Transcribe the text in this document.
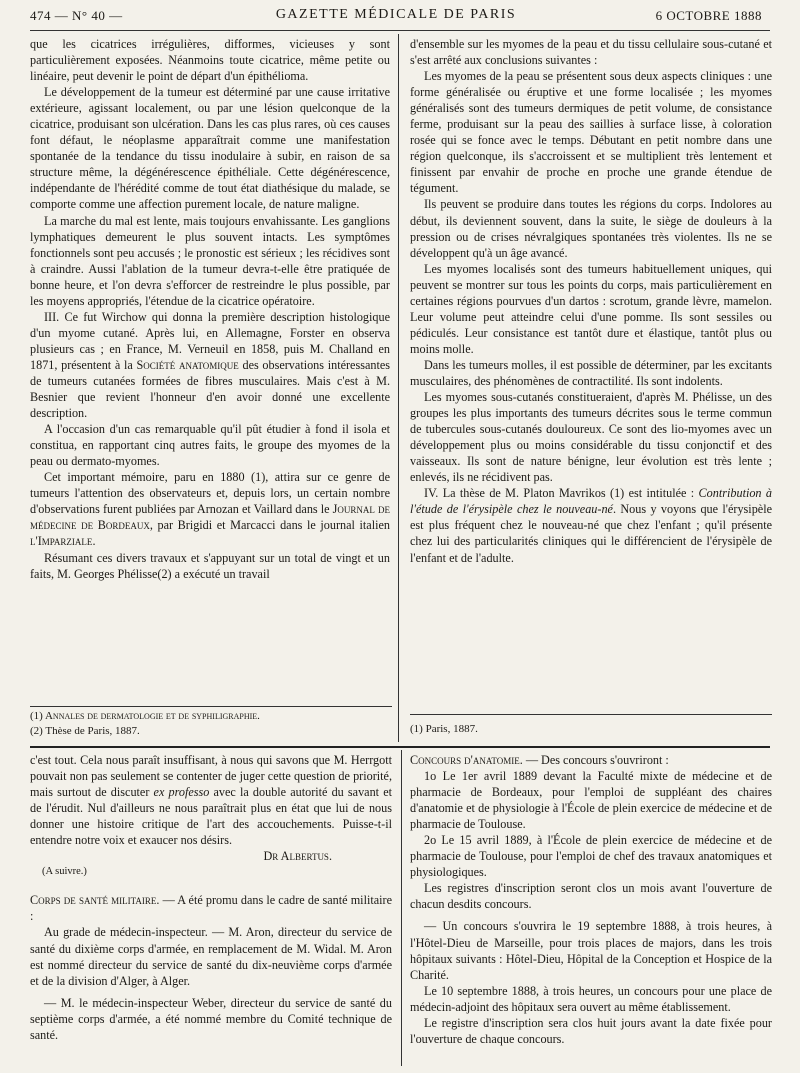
474 — N° 40 —	GAZETTE MÉDICALE DE PARIS	6 OCTOBRE 1888

que les cicatrices irrégulières, difformes, vicieuses y sont particulièrement exposées. Néanmoins toute cicatrice, même petite ou linéaire, peut devenir le point de départ d'un épithélioma.

Le développement de la tumeur est déterminé par une cause irritative extérieure, agissant localement, ou par une lésion quelconque de la cicatrice, produisant son ulcération. Dans les cas plus rares, où ces causes font défaut, le néoplasme apparaîtrait comme une manifestation spontanée de la tendance du tissu inodulaire à subir, en raison de sa structure même, la dégénérescence épithéliale. Cette dégénérescence, indépendante de l'hérédité comme de tout état diathésique du malade, se comporte comme une affection purement locale, de nature maligne.

La marche du mal est lente, mais toujours envahissante. Les ganglions lymphatiques demeurent le plus souvent intacts. Les symptômes fonctionnels sont peu accusés ; le pronostic est sérieux ; les récidives sont à craindre. Aussi l'ablation de la tumeur devra-t-elle être pratiquée de bonne heure, et l'on devra s'efforcer de restreindre le plus possible, par les moyens appropriés, l'étendue de la cicatrice opératoire.

III. Ce fut Wirchow qui donna la première description histologique d'un myome cutané. Après lui, en Allemagne, Forster en observa plusieurs cas ; en France, M. Verneuil en 1858, puis M. Challand en 1871, présentent à la Société anatomique des observations intéressantes de tumeurs cutanées formées de fibres musculaires. Mais c'est à M. Besnier que revient l'honneur d'en avoir donné une excellente description.

A l'occasion d'un cas remarquable qu'il pût étudier à fond il isola et constitua, en rapportant cinq autres faits, le groupe des myomes de la peau ou dermato-myomes.

Cet important mémoire, paru en 1880 (1), attira sur ce genre de tumeurs l'attention des observateurs et, depuis lors, un certain nombre d'observations furent publiées par Arnozan et Vaillard dans le Journal de médecine de Bordeaux, par Brigidi et Marcacci dans le journal italien l'Imparziale.

Résumant ces divers travaux et s'appuyant sur un total de vingt et un faits, M. Georges Phélisse(2) a exécuté un travail

(1) Annales de dermatologie et de syphiligraphie.

(2) Thèse de Paris, 1887.

d'ensemble sur les myomes de la peau et du tissu cellulaire sous-cutané et s'est arrêté aux conclusions suivantes :

Les myomes de la peau se présentent sous deux aspects cliniques : une forme généralisée ou éruptive et une forme localisée ; les myomes généralisés sont des tumeurs dermiques de petit volume, de consistance ferme, produisant sur la peau des saillies à surface lisse, à coloration rosée qui se fonce avec le temps. Débutant en petit nombre dans une région quelconque, ils s'accroissent et se multiplient très lentement et finissent par envahir de proche en proche une grande étendue de tégument.

Ils peuvent se produire dans toutes les régions du corps. Indolores au début, ils deviennent souvent, dans la suite, le siège de douleurs à la pression ou de crises névralgiques spontanées très violentes. Ils ne se développent qu'à un âge avancé.

Les myomes localisés sont des tumeurs habituellement uniques, qui peuvent se montrer sur tous les points du corps, mais particulièrement en certaines régions pourvues d'un dartos : scrotum, grande lèvre, mamelon. Leur volume peut atteindre celui d'une pomme. Ils sont sessiles ou pédiculés. Leur consistance est tantôt dure et élastique, tantôt plus ou moins molle.

Dans les tumeurs molles, il est possible de déterminer, par les excitants musculaires, des phénomènes de contractilité. Ils sont indolents.

Les myomes sous-cutanés constitueraient, d'après M. Phélisse, un des groupes les plus importants des tumeurs décrites sous le terme commun de tubercules sous-cutanés douloureux. Ce sont des lio-myomes avec un développement plus ou moins considérable du tissu conjonctif et des vaisseaux. Ils sont de nature bénigne, leur évolution est très lente ; enlevés, ils ne récidivent pas.

IV. La thèse de M. Platon Mavrikos (1) est intitulée : Contribution à l'étude de l'érysipèle chez le nouveau-né. Nous y voyons que l'érysipèle est plus fréquent chez le nouveau-né que chez l'enfant ; qu'il présente chez lui des particularités cliniques qui le différencient de l'érysipèle de l'enfant et de l'adulte.

(1) Paris, 1887.

c'est tout. Cela nous paraît insuffisant, à nous qui savons que M. Herrgott pouvait non pas seulement se contenter de juger cette question de priorité, mais surtout de discuter ex professo avec la double autorité du savant et de l'érudit. Nul d'ailleurs ne nous paraîtrait plus en état que lui de nous donner une histoire critique de l'art des accouchements. Puisse-t-il entendre notre voix et exaucer nos désirs.

Dr Albertus.

(A suivre.)

Corps de santé militaire. — A été promu dans le cadre de santé militaire :

Au grade de médecin-inspecteur. — M. Aron, directeur du service de santé du dixième corps d'armée, en remplacement de M. Widal. M. Aron est nommé directeur du service de santé du dix-neuvième corps d'armée et de la division d'Alger, à Alger.

— M. le médecin-inspecteur Weber, directeur du service de santé du septième corps d'armée, a été nommé membre du Comité technique de santé.

Concours d'anatomie. — Des concours s'ouvriront :

1o Le 1er avril 1889 devant la Faculté mixte de médecine et de pharmacie de Bordeaux, pour l'emploi de suppléant des chaires d'anatomie et de physiologie à l'École de plein exercice de médecine et de pharmacie de Toulouse.

2o Le 15 avril 1889, à l'École de plein exercice de médecine et de pharmacie de Toulouse, pour l'emploi de chef des travaux anatomiques et physiologiques.

Les registres d'inscription seront clos un mois avant l'ouverture de chacun desdits concours.

— Un concours s'ouvrira le 19 septembre 1888, à trois heures, à l'Hôtel-Dieu de Marseille, pour trois places de majors, dans les trois hôpitaux suivants : Hôtel-Dieu, Hôpital de la Conception et Hospice de la Charité.

Le 10 septembre 1888, à trois heures, un concours pour une place de médecin-adjoint des hôpitaux sera ouvert au même établissement.

Le registre d'inscription sera clos huit jours avant la date fixée pour l'ouverture de chaque concours.
